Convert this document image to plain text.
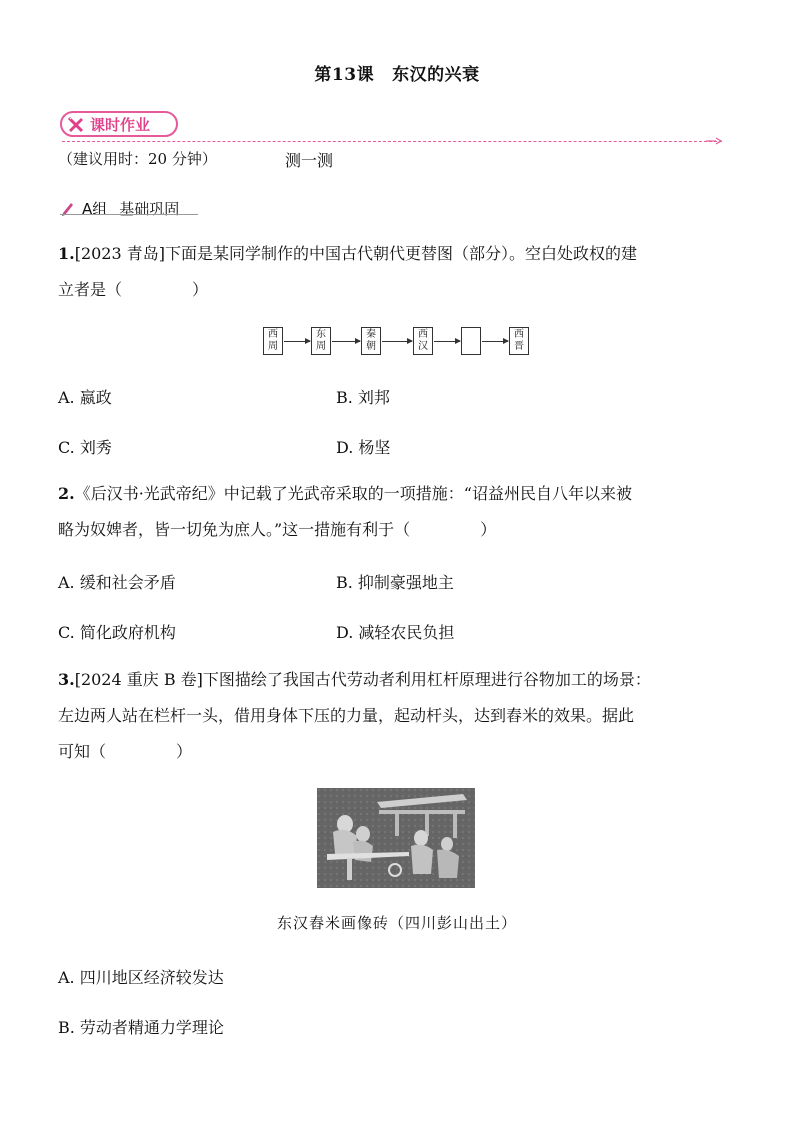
第13课 东汉的兴衰
课时作业
（建议用时：20 分钟）	测一测
A组 基础巩固
1.[2023 青岛]下面是某同学制作的中国古代朝代更替图（部分）。空白处政权的建
立者是（	）
西
周
东
周
秦
朝
西
汉
西
晋
A. 嬴政	B. 刘邦
C. 刘秀	D. 杨坚
2.《后汉书·光武帝纪》中记载了光武帝采取的一项措施：“诏益州民自八年以来被
略为奴婢者，皆一切免为庶人。”这一措施有利于（	）
A. 缓和社会矛盾	B. 抑制豪强地主
C. 简化政府机构	D. 减轻农民负担
3.[2024 重庆 B 卷]下图描绘了我国古代劳动者利用杠杆原理进行谷物加工的场景：
左边两人站在栏杆一头，借用身体下压的力量，起动杆头，达到舂米的效果。据此
可知（	）
东汉舂米画像砖（四川彭山出土）
A. 四川地区经济较发达
B. 劳动者精通力学理论
